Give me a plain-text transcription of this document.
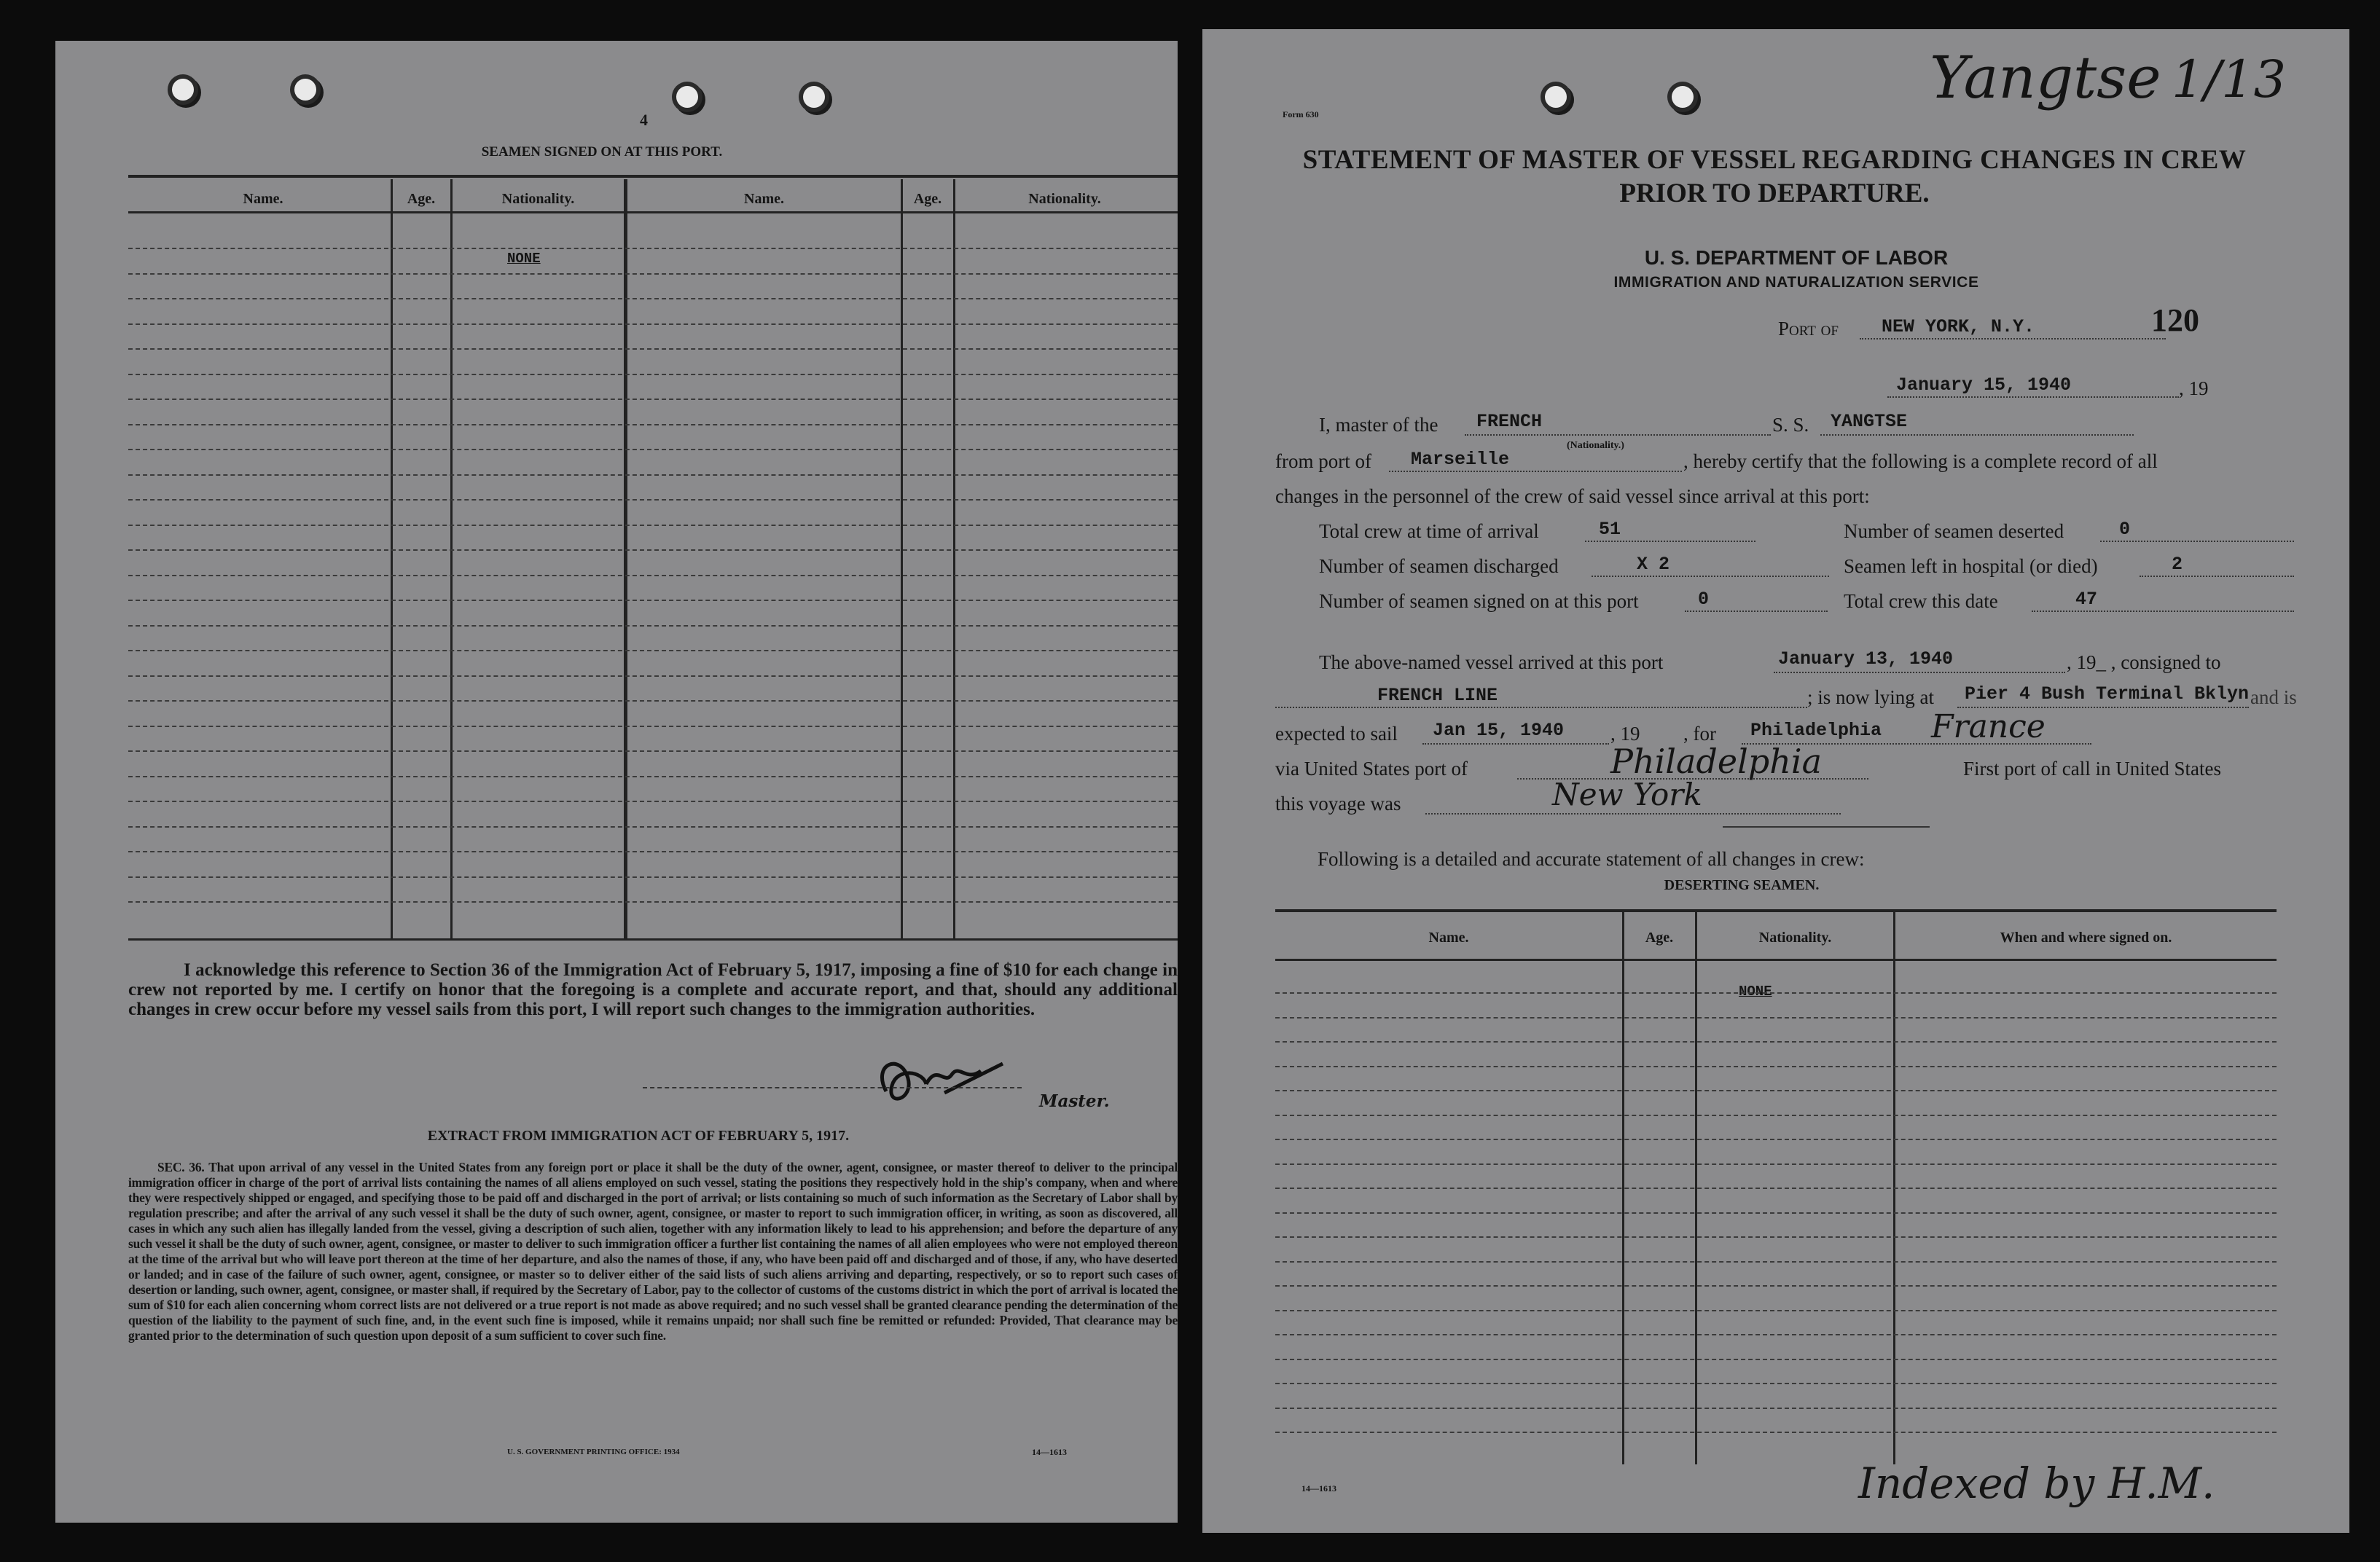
4
SEAMEN SIGNED ON AT THIS PORT.
Name.	Age.	Nationality.	Name.	Age.	Nationality.
NONE
I acknowledge this reference to Section 36 of the Immigration Act of February 5, 1917, imposing a fine of $10 for each change in crew not reported by me. I certify on honor that the foregoing is a complete and accurate report, and that, should any additional changes in crew occur before my vessel sails from this port, I will report such changes to the immigration authorities.
Master.
EXTRACT FROM IMMIGRATION ACT OF FEBRUARY 5, 1917.
SEC. 36. That upon arrival of any vessel in the United States from any foreign port or place it shall be the duty of the owner, agent, consignee, or master thereof to deliver to the principal immigration officer in charge of the port of arrival lists containing the names of all aliens employed on such vessel, stating the positions they respectively hold in the ship's company, when and where they were respectively shipped or engaged, and specifying those to be paid off and discharged in the port of arrival; or lists containing so much of such information as the Secretary of Labor shall by regulation prescribe; and after the arrival of any such vessel it shall be the duty of such owner, agent, consignee, or master to report to such immigration officer, in writing, as soon as discovered, all cases in which any such alien has illegally landed from the vessel, giving a description of such alien, together with any information likely to lead to his apprehension; and before the departure of any such vessel it shall be the duty of such owner, agent, consignee, or master to deliver to such immigration officer a further list containing the names of all alien employees who were not employed thereon at the time of the arrival but who will leave port thereon at the time of her departure, and also the names of those, if any, who have been paid off and discharged and of those, if any, who have deserted or landed; and in case of the failure of such owner, agent, consignee, or master so to deliver either of the said lists of such aliens arriving and departing, respectively, or so to report such cases of desertion or landing, such owner, agent, consignee, or master shall, if required by the Secretary of Labor, pay to the collector of customs of the customs district in which the port of arrival is located the sum of $10 for each alien concerning whom correct lists are not delivered or a true report is not made as above required; and no such vessel shall be granted clearance pending the determination of the question of the liability to the payment of such fine, and, in the event such fine is imposed, while it remains unpaid; nor shall such fine be remitted or refunded: Provided, That clearance may be granted prior to the determination of such question upon deposit of a sum sufficient to cover such fine.
U. S. GOVERNMENT PRINTING OFFICE: 1934	14—1613
Form 630
Yangtse 1/13
STATEMENT OF MASTER OF VESSEL REGARDING CHANGES IN CREW
PRIOR TO DEPARTURE.
U. S. DEPARTMENT OF LABOR
IMMIGRATION AND NATURALIZATION SERVICE
Port of NEW YORK, N.Y.	120
January 15, 1940	, 19
I, master of the FRENCH
(Nationality.)
S. S. YANGTSE
from port of Marseille	, hereby certify that the following is a complete record of all
changes in the personnel of the crew of said vessel since arrival at this port:
Total crew at time of arrival	51	Number of seamen deserted	0
Number of seamen discharged	X 2	Seamen left in hospital (or died)	2
Number of seamen signed on at this port	0	Total crew this date	47
The above-named vessel arrived at this port	January 13, 1940	, 19_ , consigned to
FRENCH LINE	; is now lying at Pier 4 Bush Terminal Bklyn and is
expected to sail Jan 15, 1940 , 19 , for Philadelphia France
via United States port of	Philadelphia	First port of call in United States
this voyage was	New York
Following is a detailed and accurate statement of all changes in crew:
DESERTING SEAMEN.
Name.	Age.	Nationality.	When and where signed on.
NONE
14—1613	Indexed by H.M.
